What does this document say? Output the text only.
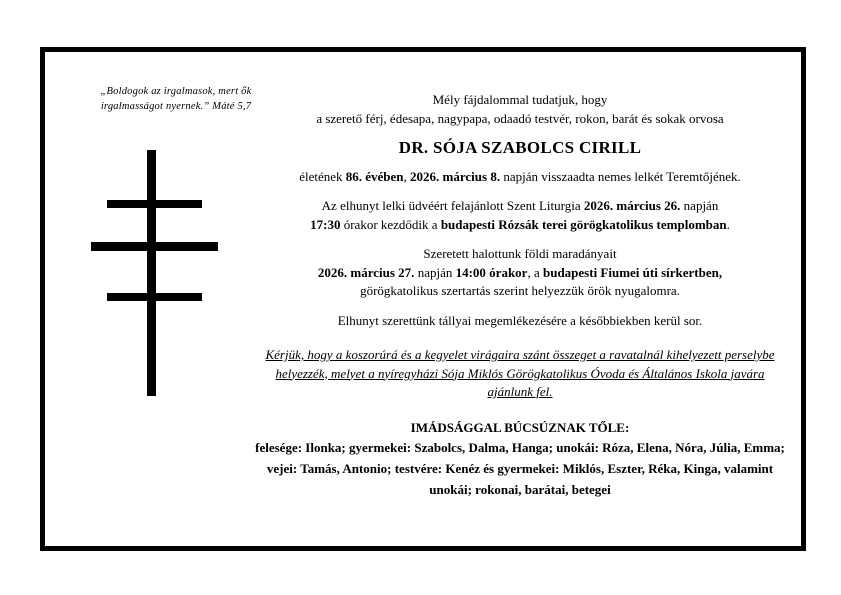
„Boldogok az irgalmasok, mert ők
irgalmasságot nyernek.” Máté 5,7	Mély fájdalommal tudatjuk, hogy

a szerető férj, édesapa, nagypapa, odaadó testvér, rokon, barát és sokak orvosa

DR. SÓJA SZABOLCS CIRILL

életének 86. évében, 2026. március 8. napján visszaadta nemes lelkét Teremtőjének.

Az elhunyt lelki üdvéért felajánlott Szent Liturgia 2026. március 26. napján
17:30 órakor kezdődik a budapesti Rózsák terei görögkatolikus templomban.

Szeretett halottunk földi maradányait
2026. március 27. napján 14:00 órakor, a budapesti Fiumei úti sírkertben,
görögkatolikus szertartás szerint helyezzük örök nyugalomra.

Elhunyt szerettünk tállyai megemlékezésére a későbbiekben kerül sor.

Kérjük, hogy a koszorúrá és a kegyelet virágaira szánt összeget a ravatalnál kihelyezett perselybe helyezzék, melyet a nyíregyházi Sója Miklós Görögkatolikus Óvoda és Általános Iskola javára ajánlunk fel.

IMÁDSÁGGAL BÚCSÚZNAK TŐLE:

felesége: Ilonka; gyermekei: Szabolcs, Dalma, Hanga; unokái: Róza, Elena, Nóra, Júlia, Emma; vejei: Tamás, Antonio; testvére: Kenéz és gyermekei: Miklós, Eszter, Réka, Kinga, valamint unokái; rokonai, barátai, betegei
